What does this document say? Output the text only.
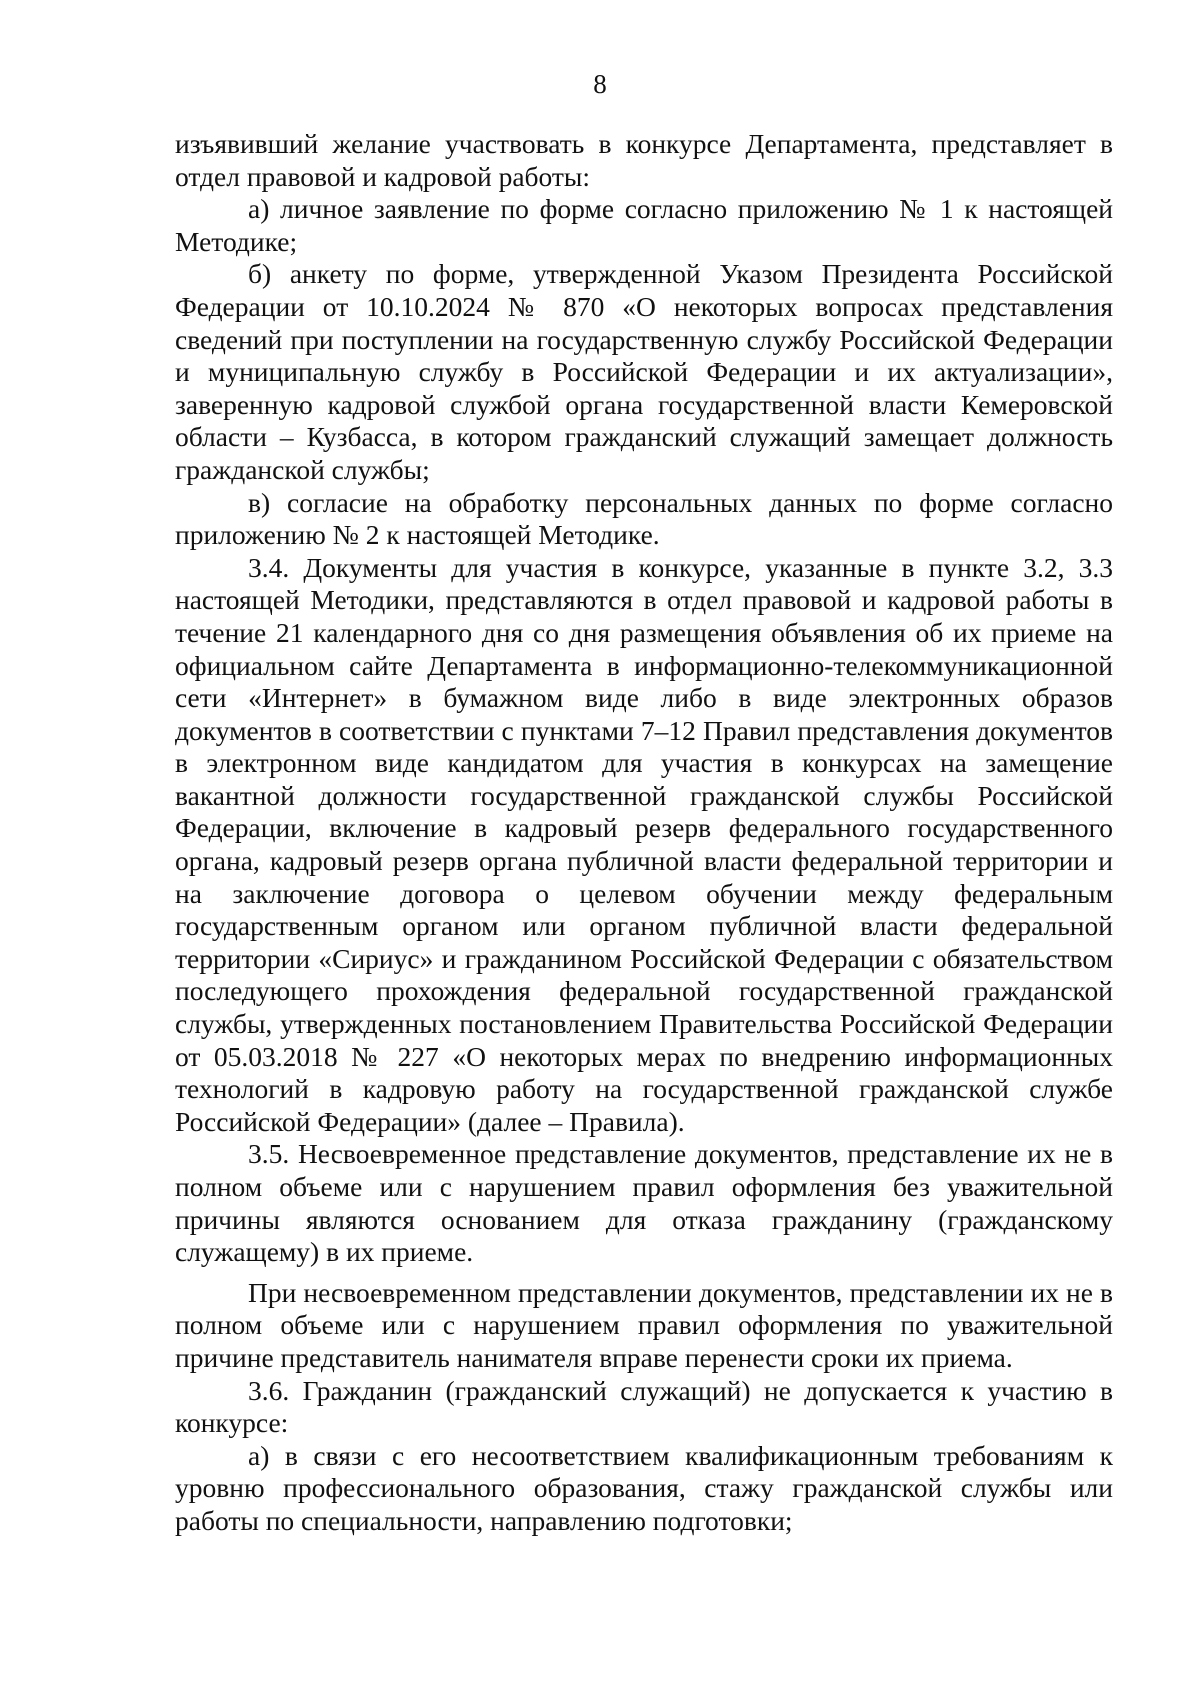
8

изъявивший желание участвовать в конкурсе Департамента, представляет в отдел правовой и кадровой работы:

а) личное заявление по форме согласно приложению № 1 к настоящей Методике;

б) анкету по форме, утвержденной Указом Президента Российской Федерации от 10.10.2024 № 870 «О некоторых вопросах представления сведений при поступлении на государственную службу Российской Федерации и муниципальную службу в Российской Федерации и их актуализации», заверенную кадровой службой органа государственной власти Кемеровской области – Кузбасса, в котором гражданский служащий замещает должность гражданской службы;

в) согласие на обработку персональных данных по форме согласно приложению № 2 к настоящей Методике.

3.4. Документы для участия в конкурсе, указанные в пункте 3.2, 3.3 настоящей Методики, представляются в отдел правовой и кадровой работы в течение 21 календарного дня со дня размещения объявления об их приеме на официальном сайте Департамента в информационно-телекоммуникационной сети «Интернет» в бумажном виде либо в виде электронных образов документов в соответствии с пунктами 7–12 Правил представления документов в электронном виде кандидатом для участия в конкурсах на замещение вакантной должности государственной гражданской службы Российской Федерации, включение в кадровый резерв федерального государственного органа, кадровый резерв органа публичной власти федеральной территории и на заключение договора о целевом обучении между федеральным государственным органом или органом публичной власти федеральной территории «Сириус» и гражданином Российской Федерации с обязательством последующего прохождения федеральной государственной гражданской службы, утвержденных постановлением Правительства Российской Федерации от 05.03.2018 № 227 «О некоторых мерах по внедрению информационных технологий в кадровую работу на государственной гражданской службе Российской Федерации» (далее – Правила).

3.5. Несвоевременное представление документов, представление их не в полном объеме или с нарушением правил оформления без уважительной причины являются основанием для отказа гражданину (гражданскому служащему) в их приеме.

При несвоевременном представлении документов, представлении их не в полном объеме или с нарушением правил оформления по уважительной причине представитель нанимателя вправе перенести сроки их приема.

3.6. Гражданин (гражданский служащий) не допускается к участию в конкурсе:

а) в связи с его несоответствием квалификационным требованиям к уровню профессионального образования, стажу гражданской службы или работы по специальности, направлению подготовки;
